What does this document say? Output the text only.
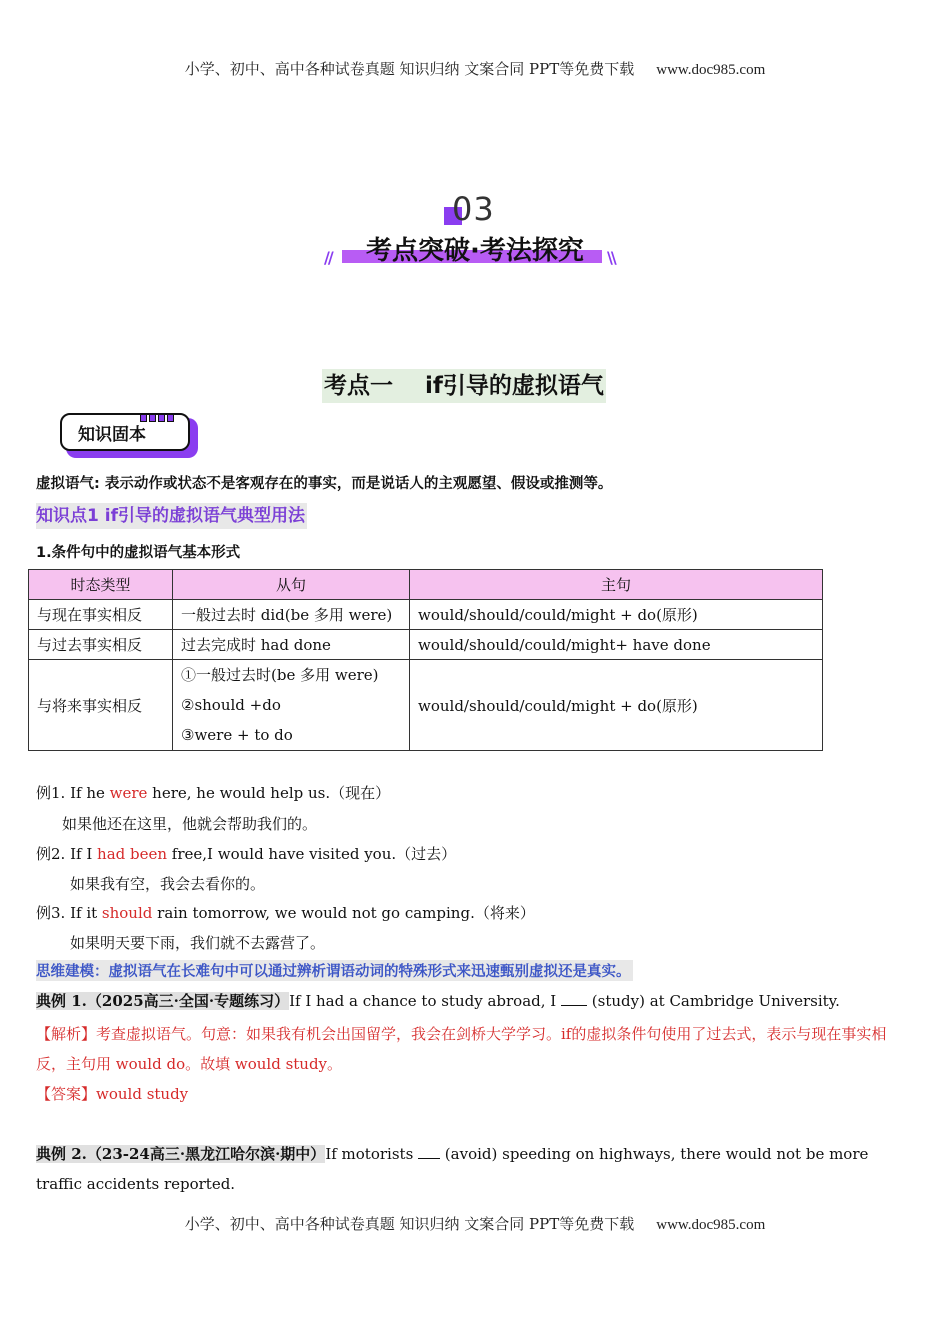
小学、初中、高中各种试卷真题 知识归纳 文案合同 PPT等免费下载 www.doc985.com
03
//	考点突破·考法探究	\\
考点一    if引导的虚拟语气
知识固本
虚拟语气: 表示动作或状态不是客观存在的事实，而是说话人的主观愿望、假设或推测等。
知识点1 if引导的虚拟语气典型用法
1.条件句中的虚拟语气基本形式
时态类型	从句	主句
与现在事实相反	一般过去时 did(be 多用 were)	would/should/could/might + do(原形)
与过去事实相反	过去完成时 had done	would/should/could/might+ have done
与将来事实相反	①一般过去时(be 多用 were)
②should +do
③were + to do	would/should/could/might + do(原形)
例1. If he were here, he would help us.（现在）
如果他还在这里，他就会帮助我们的。
例2. If I had been free,I would have visited you.（过去）
如果我有空，我会去看你的。
例3. If it should rain tomorrow, we would not go camping.（将来）
如果明天要下雨，我们就不去露营了。
思维建模：虚拟语气在长难句中可以通过辨析谓语动词的特殊形式来迅速甄别虚拟还是真实。
典例 1.（2025高三·全国·专题练习）If I had a chance to study abroad, I  (study) at Cambridge University.
【解析】考查虚拟语气。句意：如果我有机会出国留学，我会在剑桥大学学习。if的虚拟条件句使用了过去式，表示与现在事实相反，主句用 would do。故填 would study。
【答案】would study
典例 2.（23-24高三·黑龙江哈尔滨·期中）If motorists  (avoid) speeding on highways, there would not be more traffic accidents reported.
小学、初中、高中各种试卷真题 知识归纳 文案合同 PPT等免费下载 www.doc985.com
